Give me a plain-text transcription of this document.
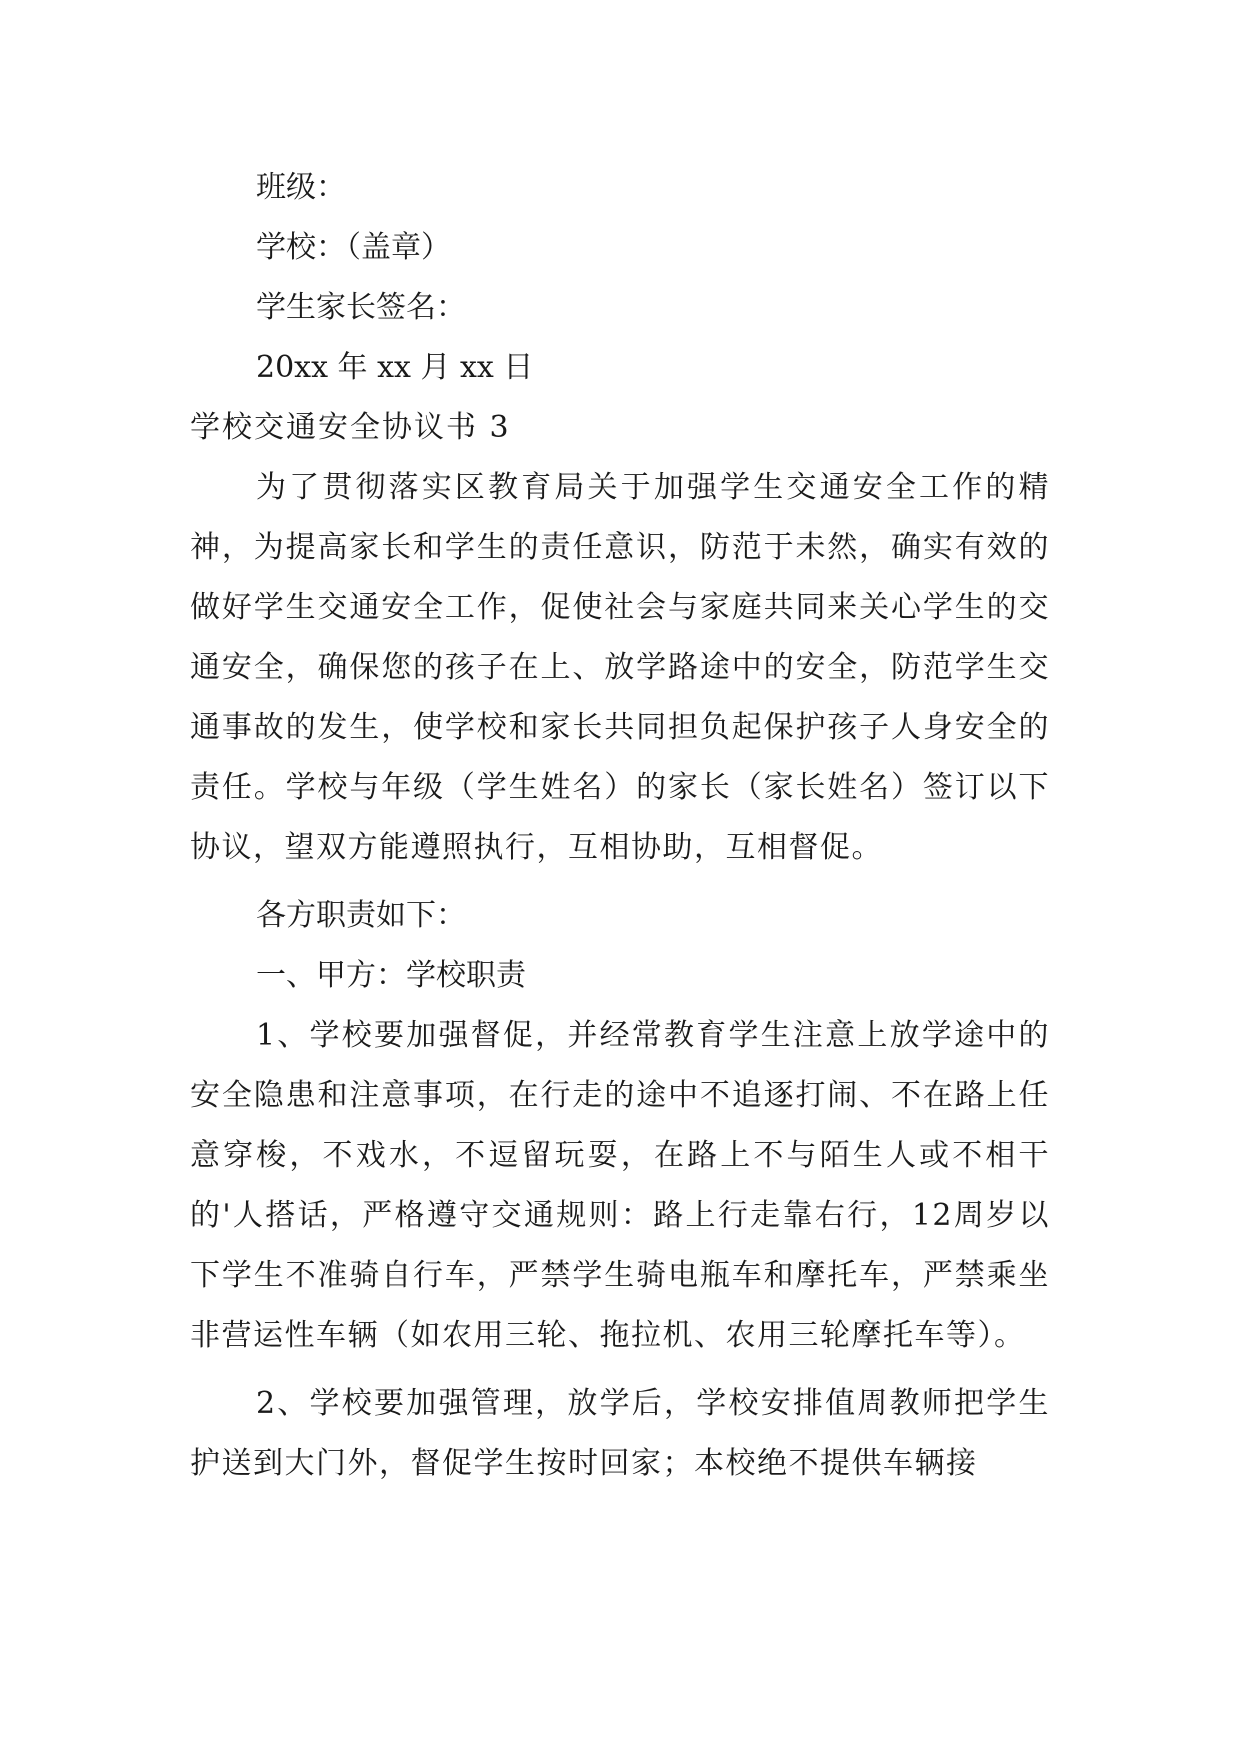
班级：

学校：（盖章）

学生家长签名：

20xx 年 xx 月 xx 日

学校交通安全协议书 3

为了贯彻落实区教育局关于加强学生交通安全工作的精神，为提高家长和学生的责任意识，防范于未然，确实有效的做好学生交通安全工作，促使社会与家庭共同来关心学生的交通安全，确保您的孩子在上、放学路途中的安全，防范学生交通事故的发生，使学校和家长共同担负起保护孩子人身安全的责任。学校与年级（学生姓名）的家长（家长姓名）签订以下协议，望双方能遵照执行，互相协助，互相督促。

各方职责如下：

一、甲方：学校职责

1、学校要加强督促，并经常教育学生注意上放学途中的安全隐患和注意事项，在行走的途中不追逐打闹、不在路上任意穿梭，不戏水，不逗留玩耍，在路上不与陌生人或不相干的'人搭话，严格遵守交通规则：路上行走靠右行，12周岁以下学生不准骑自行车，严禁学生骑电瓶车和摩托车，严禁乘坐非营运性车辆（如农用三轮、拖拉机、农用三轮摩托车等）。

2、学校要加强管理，放学后，学校安排值周教师把学生护送到大门外，督促学生按时回家；本校绝不提供车辆接
